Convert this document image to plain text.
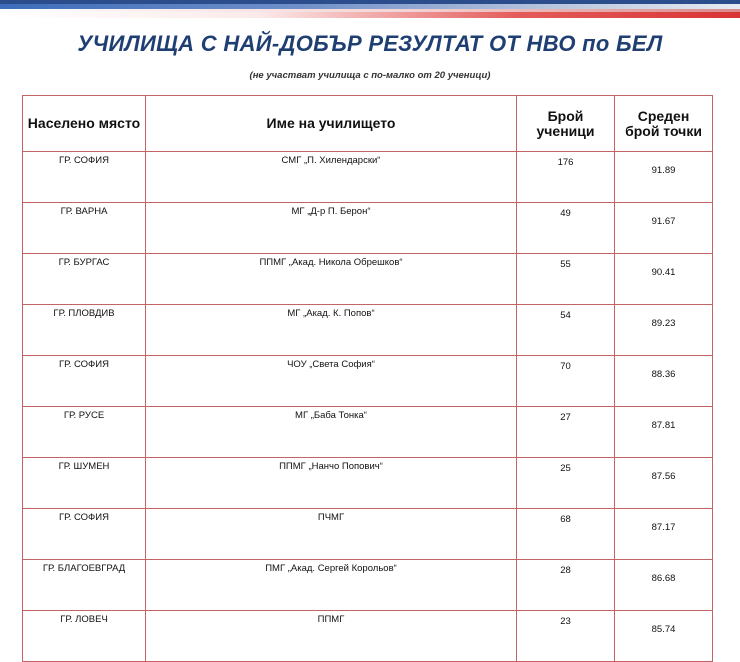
УЧИЛИЩА С НАЙ-ДОБЪР РЕЗУЛТАТ ОТ НВО по БЕЛ
(не участват училища с по-малко от 20 ученици)
Населено място	Име на училището	Брой ученици	Среден брой точки
ГР. СОФИЯ	СМГ „П. Хилендарски“	176	91.89
ГР. ВАРНА	МГ „Д-р П. Берон“	49	91.67
ГР. БУРГАС	ППМГ „Акад. Никола Обрешков“	55	90.41
ГР. ПЛОВДИВ	МГ „Акад. К. Попов“	54	89.23
ГР. СОФИЯ	ЧОУ „Света София“	70	88.36
ГР. РУСЕ	МГ „Баба Тонка“	27	87.81
ГР. ШУМЕН	ППМГ „Нанчо Попович“	25	87.56
ГР. СОФИЯ	ПЧМГ	68	87.17
ГР. БЛАГОЕВГРАД	ПМГ „Акад. Сергей Корольов“	28	86.68
ГР. ЛОВЕЧ	ППМГ	23	85.74
